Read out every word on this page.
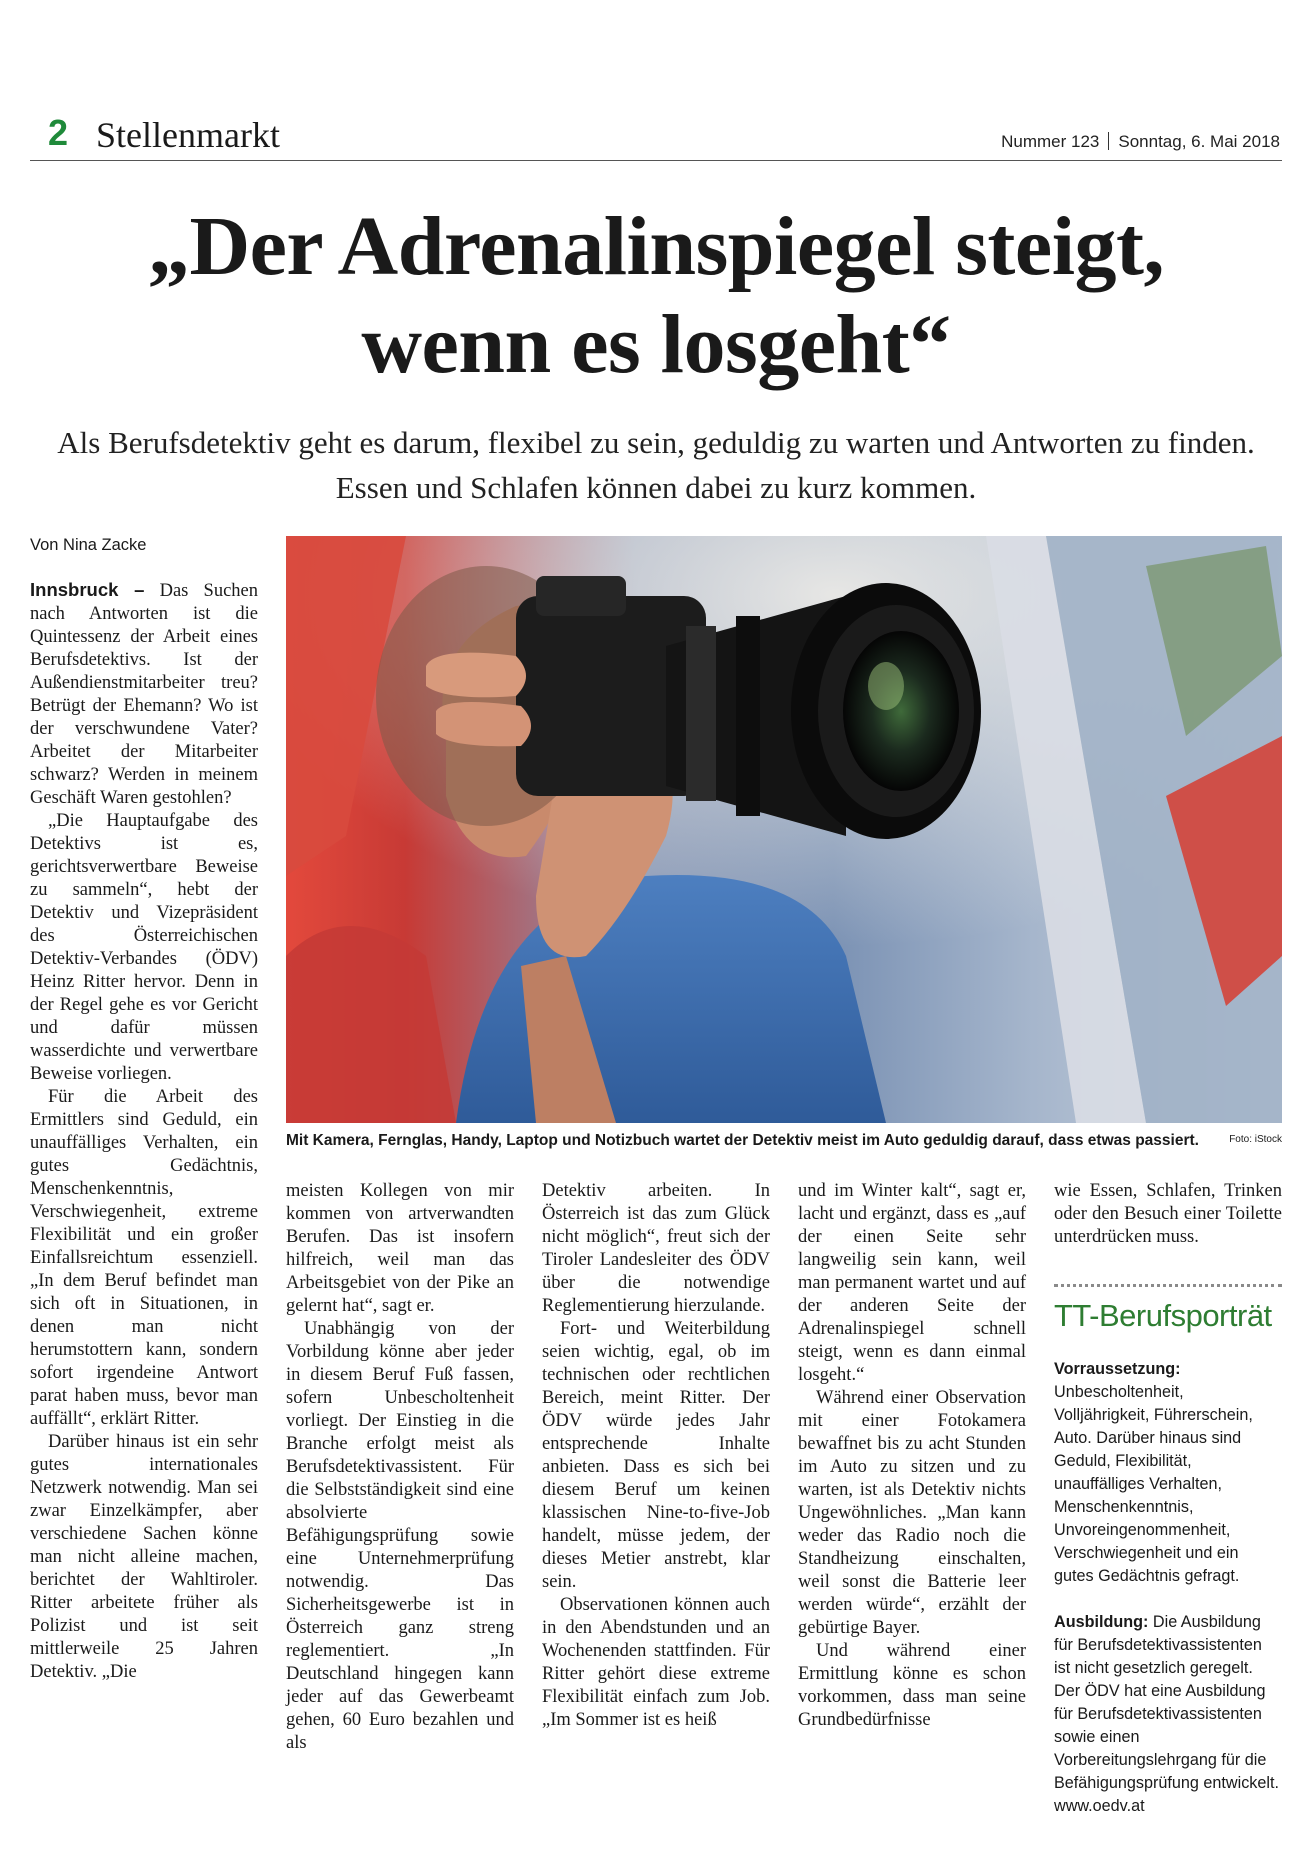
2 Stellenmarkt	Nummer 123 Sonntag, 6. Mai 2018
„Der Adrenalinspiegel steigt, wenn es losgeht“
Als Berufsdetektiv geht es darum, flexibel zu sein, geduldig zu warten und Antworten zu finden. Essen und Schlafen können dabei zu kurz kommen.
Von Nina Zacke

Innsbruck – Das Suchen nach Antworten ist die Quintessenz der Arbeit eines Berufsdetektivs. Ist der Außendienstmitarbeiter treu? Betrügt der Ehemann? Wo ist der verschwundene Vater? Arbeitet der Mitarbeiter schwarz? Werden in meinem Geschäft Waren gestohlen?

„Die Hauptaufgabe des Detektivs ist es, gerichtsverwertbare Beweise zu sammeln“, hebt der Detektiv und Vizepräsident des Österreichischen Detektiv-Verbandes (ÖDV) Heinz Ritter hervor. Denn in der Regel gehe es vor Gericht und dafür müssen wasserdichte und verwertbare Beweise vorliegen.

Für die Arbeit des Ermittlers sind Geduld, ein unauffälliges Verhalten, ein gutes Gedächtnis, Menschenkenntnis, Verschwiegenheit, extreme Flexibilität und ein großer Einfallsreichtum essenziell. „In dem Beruf befindet man sich oft in Situationen, in denen man nicht herumstottern kann, sondern sofort irgendeine Antwort parat haben muss, bevor man auffällt“, erklärt Ritter.

Darüber hinaus ist ein sehr gutes internationales Netzwerk notwendig. Man sei zwar Einzelkämpfer, aber verschiedene Sachen könne man nicht alleine machen, berichtet der Wahltiroler. Ritter arbeitete früher als Polizist und ist seit mittlerweile 25 Jahren Detektiv. „Die

Mit Kamera, Fernglas, Handy, Laptop und Notizbuch wartet der Detektiv meist im Auto geduldig darauf, dass etwas passiert.	Foto: iStock

meisten Kollegen von mir kommen von artverwandten Berufen. Das ist insofern hilfreich, weil man das Arbeitsgebiet von der Pike an gelernt hat“, sagt er.

Unabhängig von der Vorbildung könne aber jeder in diesem Beruf Fuß fassen, sofern Unbescholtenheit vorliegt. Der Einstieg in die Branche erfolgt meist als Berufsdetektivassistent. Für die Selbstständigkeit sind eine absolvierte Befähigungsprüfung sowie eine Unternehmerprüfung notwendig. Das Sicherheitsgewerbe ist in Österreich ganz streng reglementiert. „In Deutschland hingegen kann jeder auf das Gewerbeamt gehen, 60 Euro bezahlen und als

Detektiv arbeiten. In Österreich ist das zum Glück nicht möglich“, freut sich der Tiroler Landesleiter des ÖDV über die notwendige Reglementierung hierzulande.

Fort- und Weiterbildung seien wichtig, egal, ob im technischen oder rechtlichen Bereich, meint Ritter. Der ÖDV würde jedes Jahr entsprechende Inhalte anbieten. Dass es sich bei diesem Beruf um keinen klassischen Nine-to-five-Job handelt, müsse jedem, der dieses Metier anstrebt, klar sein.

Observationen können auch in den Abendstunden und an Wochenenden stattfinden. Für Ritter gehört diese extreme Flexibilität einfach zum Job. „Im Sommer ist es heiß

und im Winter kalt“, sagt er, lacht und ergänzt, dass es „auf der einen Seite sehr langweilig sein kann, weil man permanent wartet und auf der anderen Seite der Adrenalinspiegel schnell steigt, wenn es dann einmal losgeht.“

Während einer Observation mit einer Fotokamera bewaffnet bis zu acht Stunden im Auto zu sitzen und zu warten, ist als Detektiv nichts Ungewöhnliches. „Man kann weder das Radio noch die Standheizung einschalten, weil sonst die Batterie leer werden würde“, erzählt der gebürtige Bayer.

Und während einer Ermittlung könne es schon vorkommen, dass man seine Grundbedürfnisse

wie Essen, Schlafen, Trinken oder den Besuch einer Toilette unterdrücken muss.

TT-Berufsporträt

Vorraussetzung: Unbescholtenheit, Volljährigkeit, Führerschein, Auto. Darüber hinaus sind Geduld, Flexibilität, unauffälliges Verhalten, Menschenkenntnis, Unvoreingenommenheit, Verschwiegenheit und ein gutes Gedächtnis gefragt.

Ausbildung: Die Ausbildung für Berufsdetektivassistenten ist nicht gesetzlich geregelt. Der ÖDV hat eine Ausbildung für Berufsdetektivassistenten sowie einen Vorbereitungslehrgang für die Befähigungsprüfung entwickelt. www.oedv.at
